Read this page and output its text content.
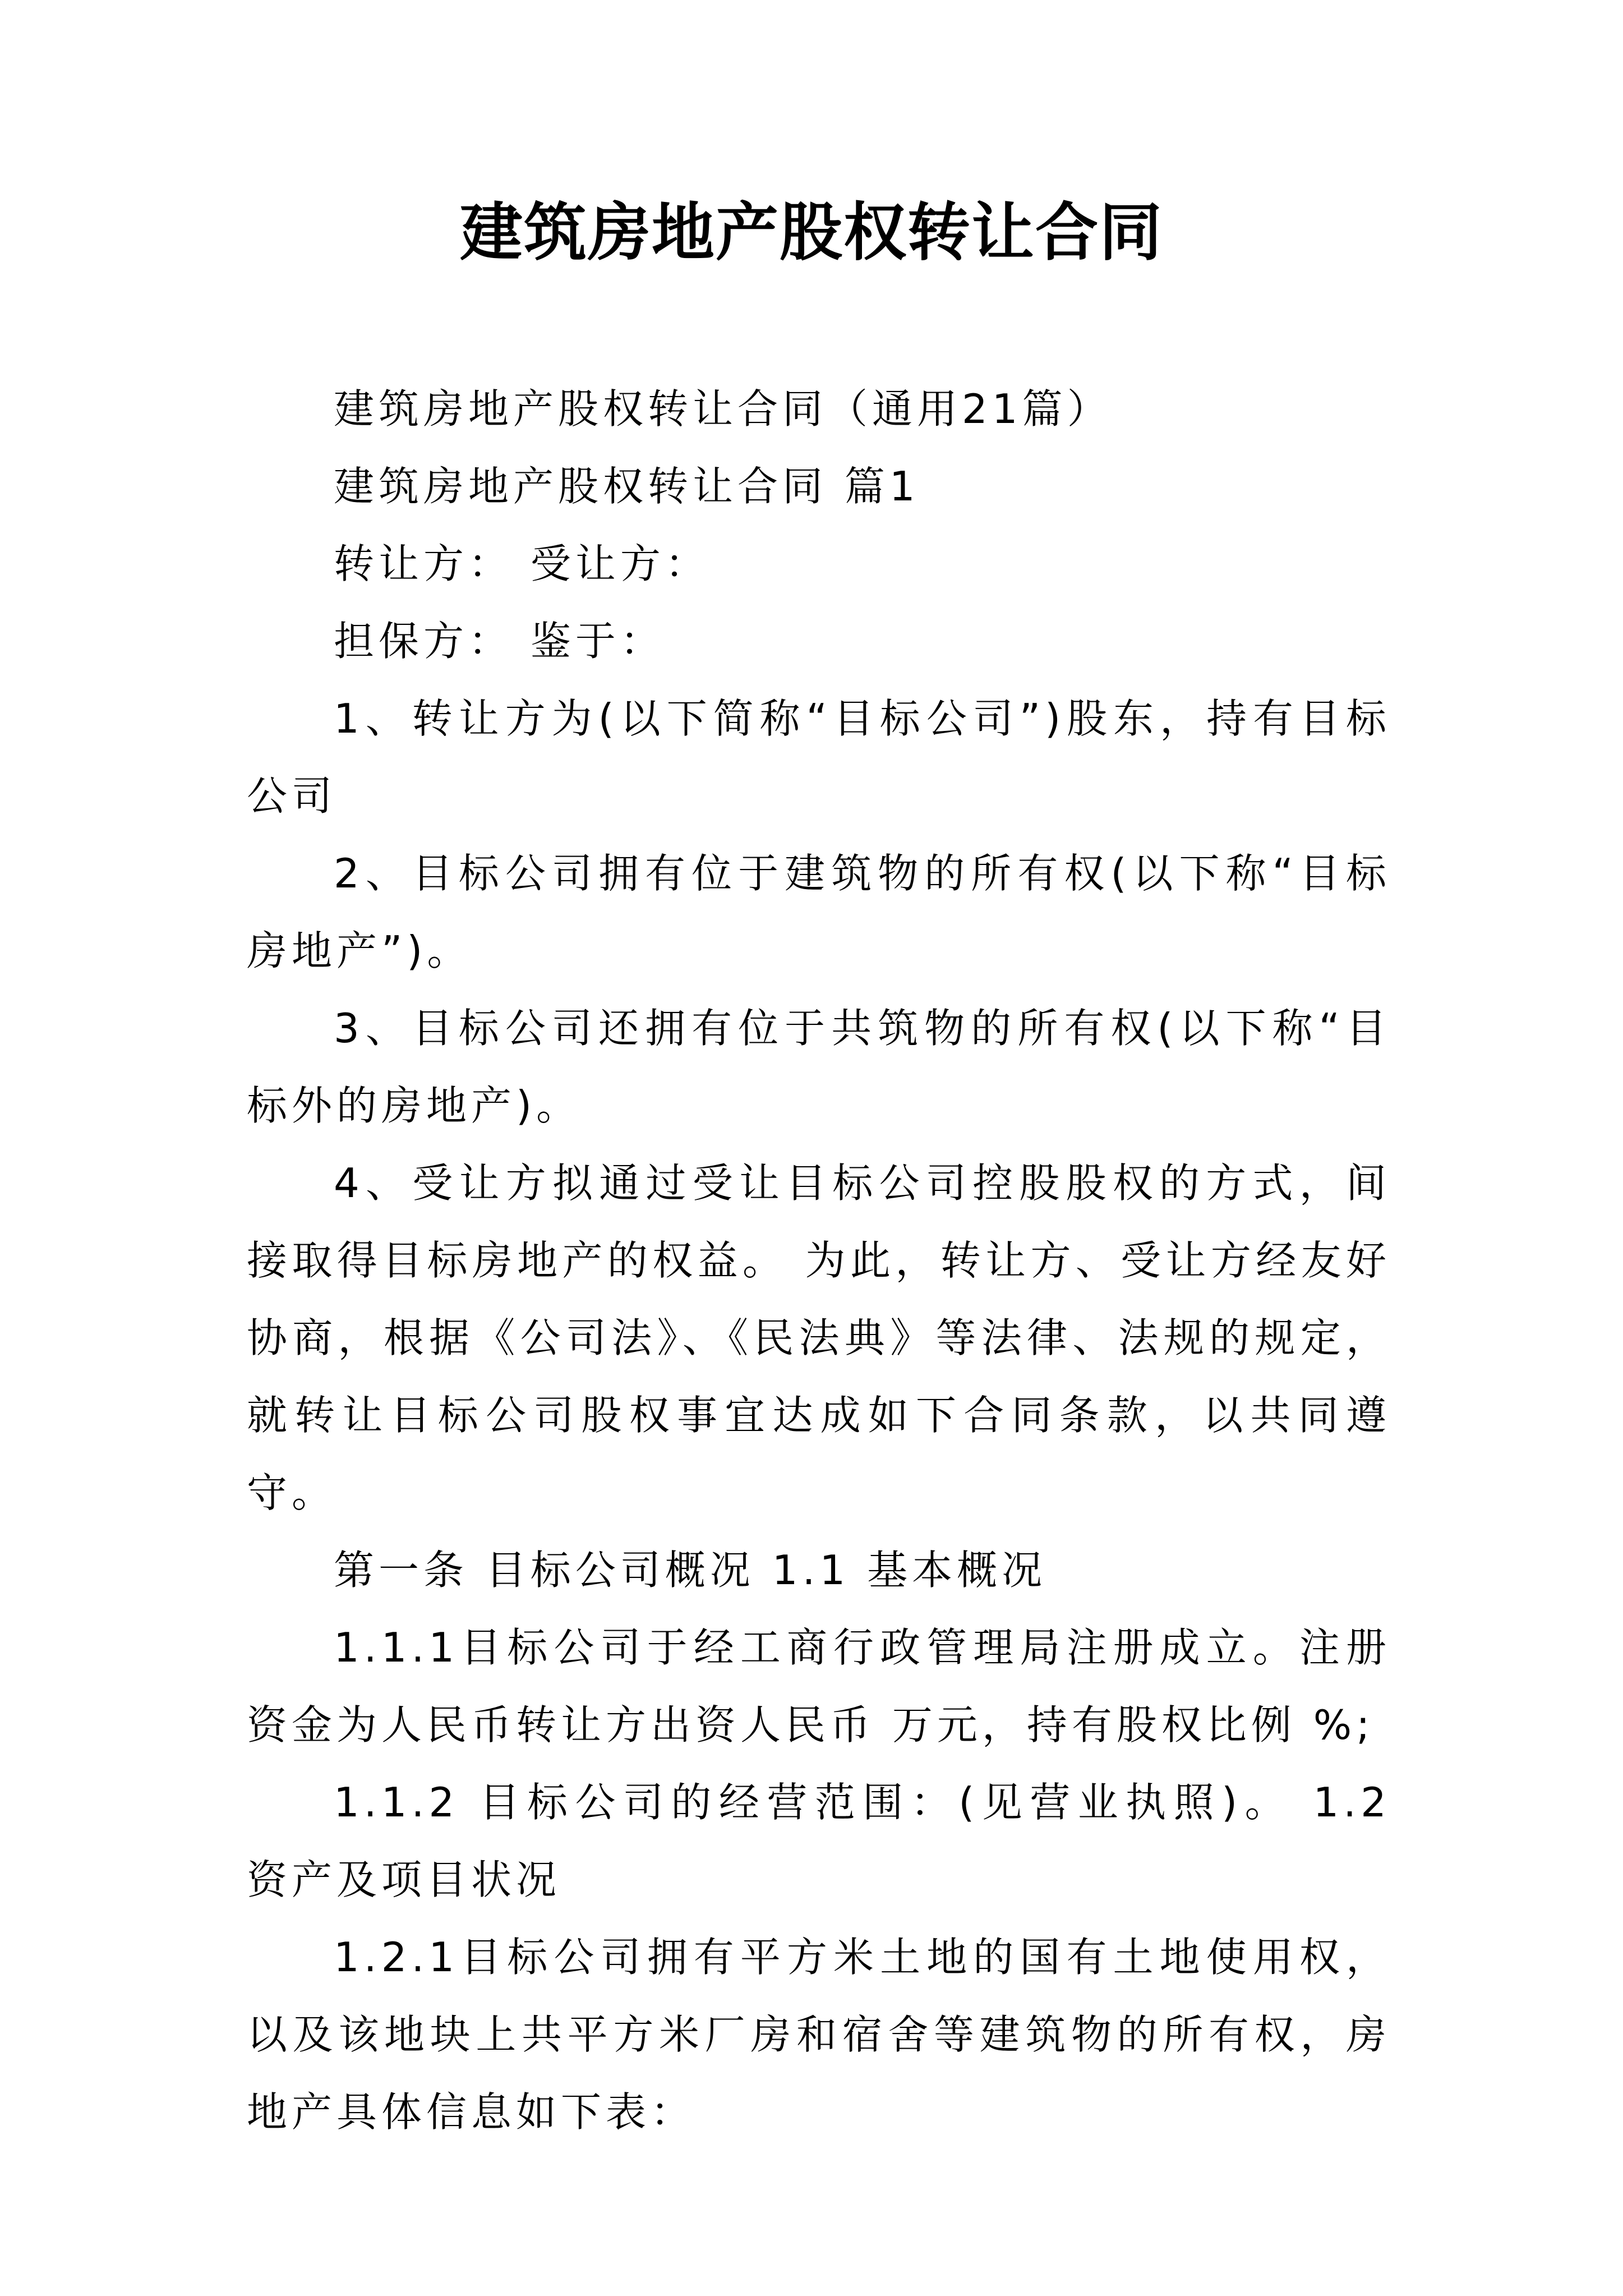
建筑房地产股权转让合同

建筑房地产股权转让合同（通用21篇）

建筑房地产股权转让合同 篇1

转让方： 受让方：

担保方： 鉴于：

1、转让方为(以下简称“目标公司”)股东，持有目标公司

2、目标公司拥有位于建筑物的所有权(以下称“目标房地产”)。

3、目标公司还拥有位于共筑物的所有权(以下称“目标外的房地产)。

4、受让方拟通过受让目标公司控股股权的方式，间接取得目标房地产的权益。 为此，转让方、受让方经友好协商，根据《公司法》、《民法典》等法律、法规的规定，就转让目标公司股权事宜达成如下合同条款，以共同遵守。

第一条 目标公司概况 1.1 基本概况

1.1.1目标公司于经工商行政管理局注册成立。注册资金为人民币转让方出资人民币 万元，持有股权比例 %;

1.1.2 目标公司的经营范围：(见营业执照)。 1.2 资产及项目状况

1.2.1目标公司拥有平方米土地的国有土地使用权，以及该地块上共平方米厂房和宿舍等建筑物的所有权，房地产具体信息如下表：
